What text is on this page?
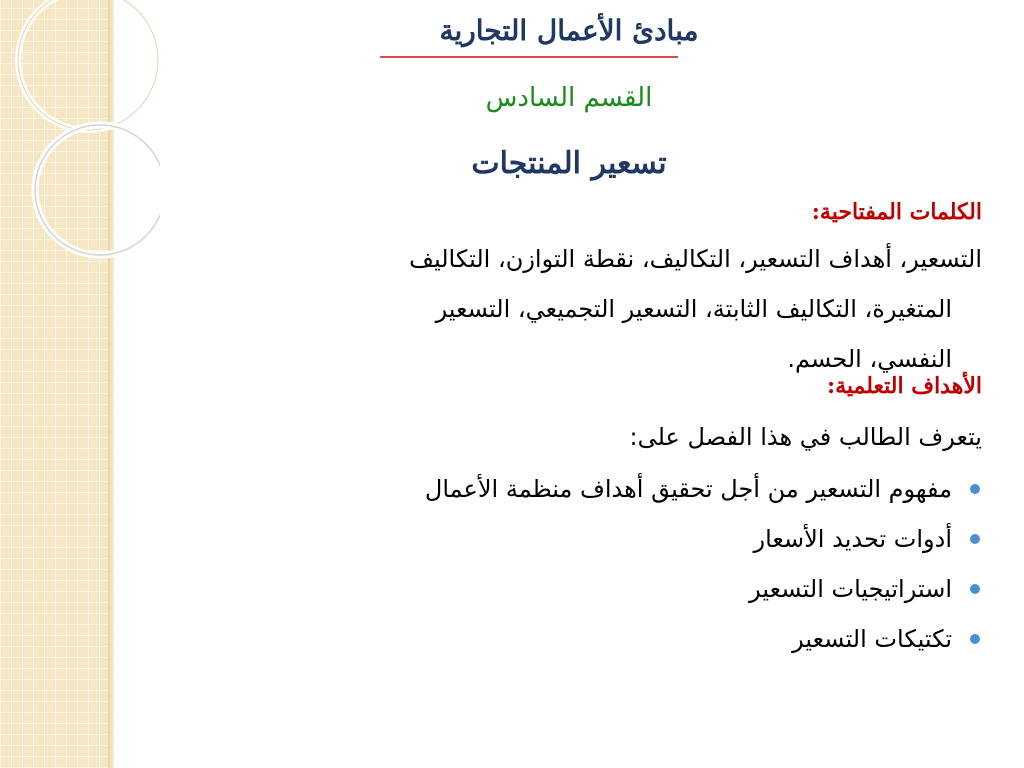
مبادئ الأعمال التجارية
القسم السادس
تسعير المنتجات
الكلمات المفتاحية:
التسعير، أهداف التسعير، التكاليف، نقطة التوازن، التكاليف
المتغيرة، التكاليف الثابتة، التسعير التجميعي، التسعير
النفسي، الحسم.
الأهداف التعلمية:
يتعرف الطالب في هذا الفصل على:
مفهوم التسعير من أجل تحقيق أهداف منظمة الأعمال
أدوات تحديد الأسعار
استراتيجيات التسعير
تكتيكات التسعير
